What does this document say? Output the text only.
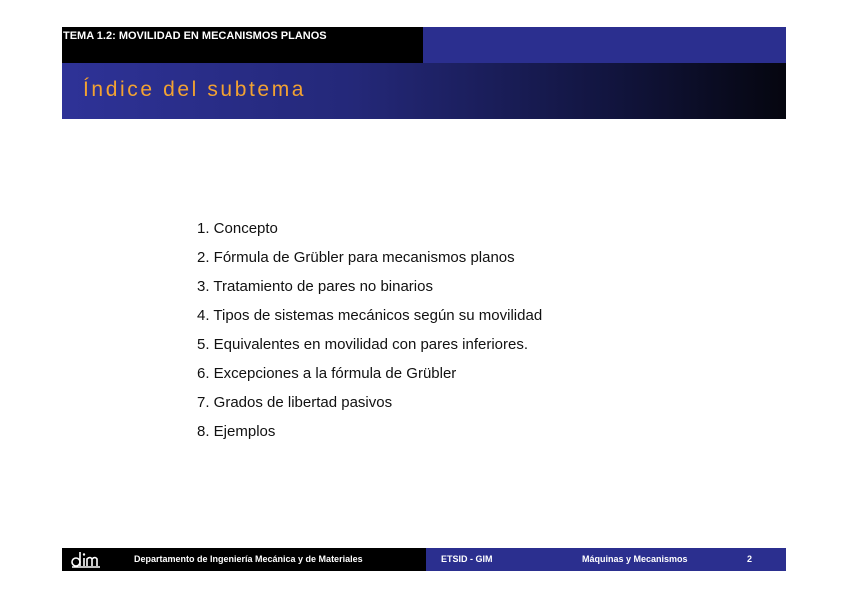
TEMA 1.2: MOVILIDAD EN MECANISMOS PLANOS
Índice del subtema
1. Concepto
2. Fórmula de Grübler para mecanismos planos
3. Tratamiento de pares no binarios
4. Tipos de sistemas mecánicos según su movilidad
5. Equivalentes en movilidad con pares inferiores.
6. Excepciones a la fórmula de Grübler
7. Grados de libertad pasivos
8. Ejemplos
Departamento de Ingeniería Mecánica y de Materiales	ETSID - GIM	Máquinas y Mecanismos	2
